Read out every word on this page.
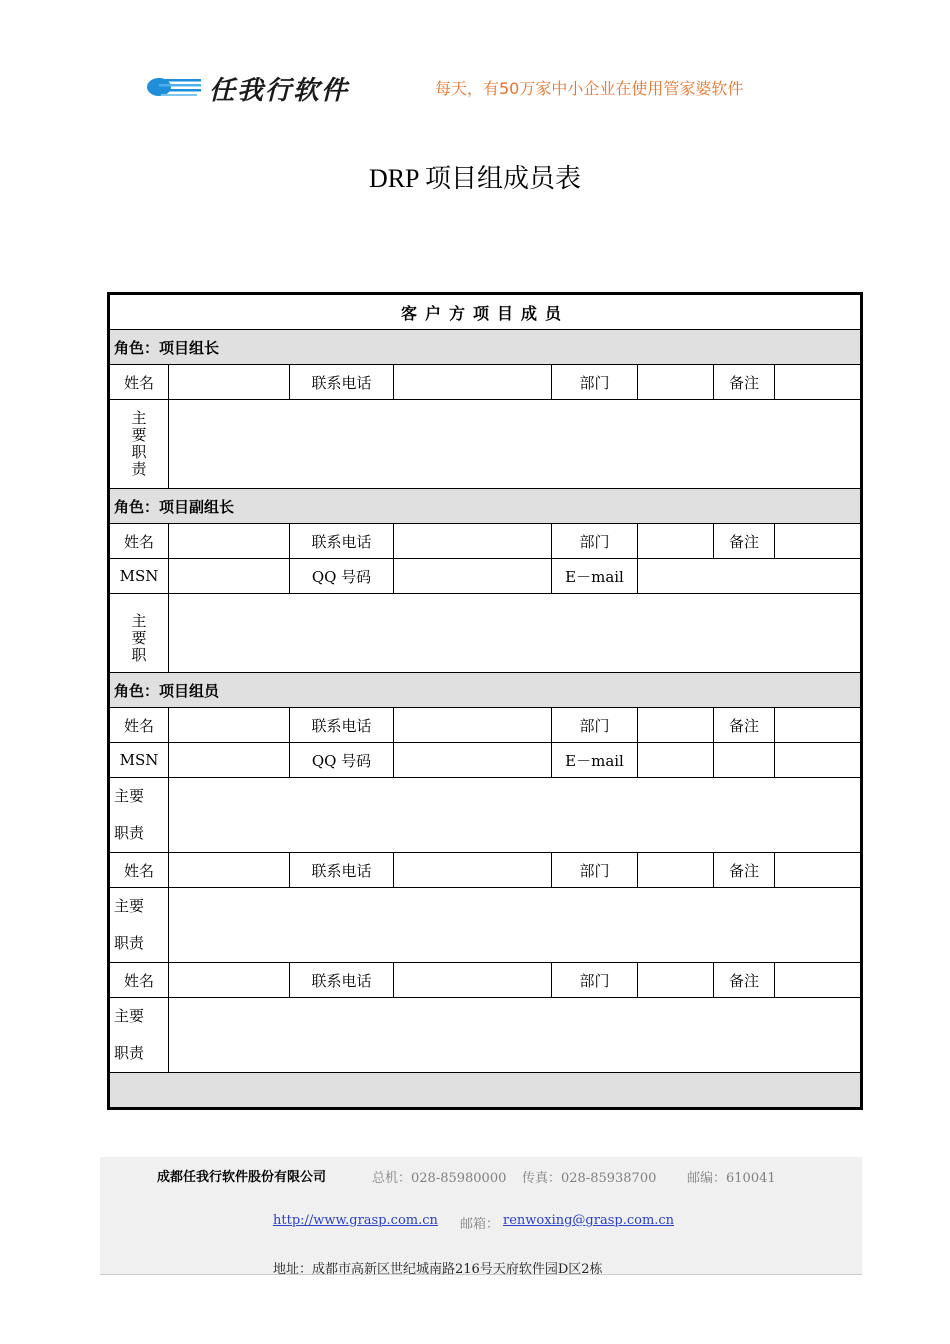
任我行软件	每天，有50万家中小企业在使用管家婆软件
DRP 项目组成员表
客户方项目成员							
角色：项目组长							
姓名		联系电话		部门		备注	
主要职责							
角色：项目副组长							
姓名		联系电话		部门		备注	
MSN		QQ 号码		E－mail			
主要职							
角色：项目组员							
姓名		联系电话		部门		备注	
MSN		QQ 号码		E－mail			
主要
职责							
姓名		联系电话		部门		备注	
主要
职责							
姓名		联系电话		部门		备注	
主要
职责							

成都任我行软件股份有限公司	总机：028-85980000 传真：028-85938700 邮编：610041
http://www.grasp.com.cn 邮箱： renwoxing@grasp.com.cn
地址：成都市高新区世纪城南路216号天府软件园D区2栋
